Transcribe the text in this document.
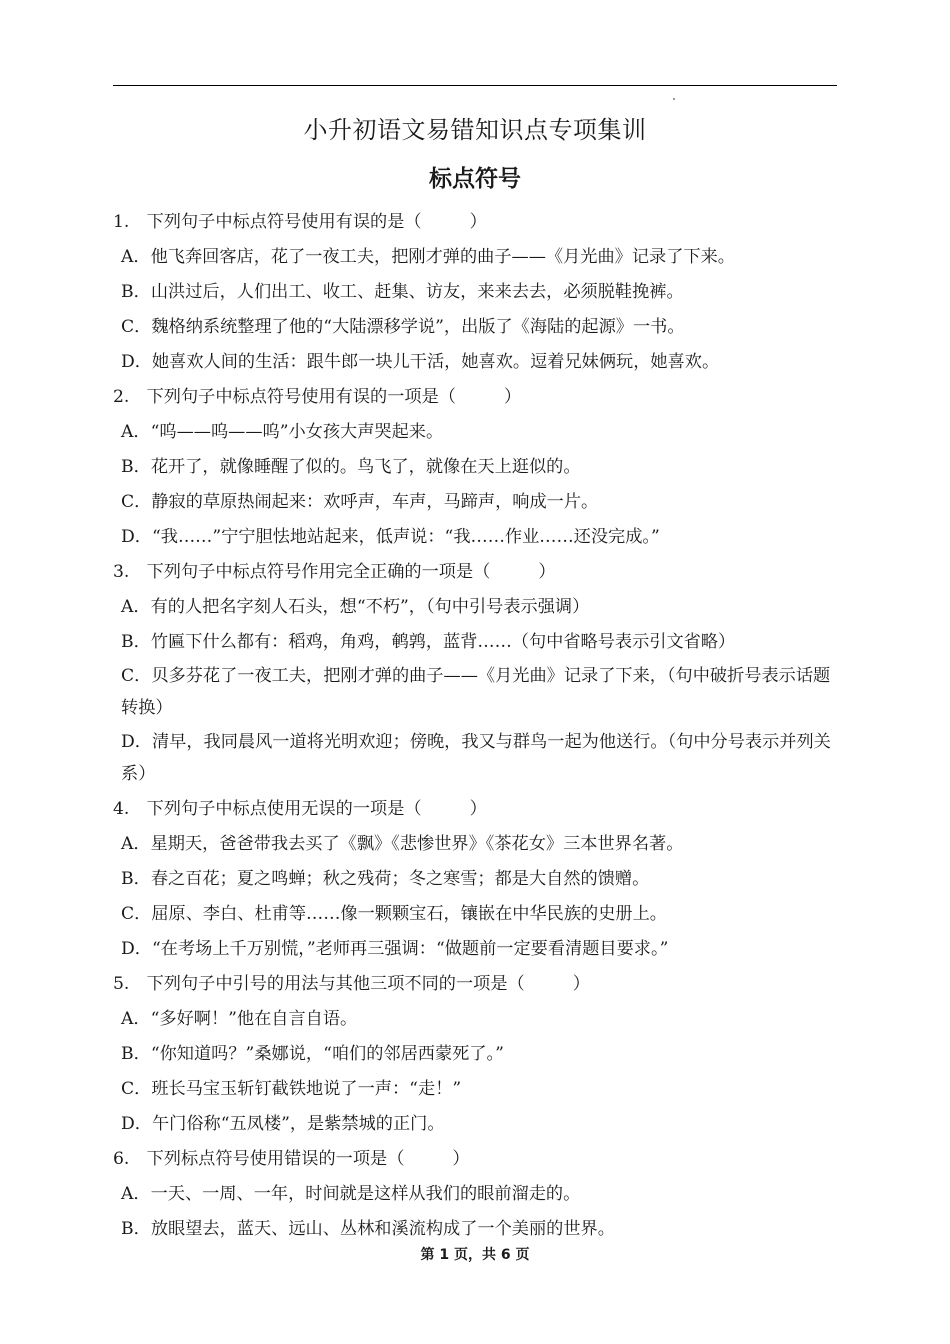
小升初语文易错知识点专项集训
标点符号
1.　下列句子中标点符号使用有误的是（	）
A．他飞奔回客店，花了一夜工夫，把刚才弹的曲子——《月光曲》记录了下来。
B．山洪过后，人们出工、收工、赶集、访友，来来去去，必须脱鞋挽裤。
C．魏格纳系统整理了他的“大陆漂移学说”，出版了《海陆的起源》一书。
D．她喜欢人间的生活：跟牛郎一块儿干活，她喜欢。逗着兄妹俩玩，她喜欢。
2.　下列句子中标点符号使用有误的一项是（	）
A．“呜——呜——呜”小女孩大声哭起来。
B．花开了，就像睡醒了似的。鸟飞了，就像在天上逛似的。
C．静寂的草原热闹起来：欢呼声，车声，马蹄声，响成一片。
D．“我……”宁宁胆怯地站起来，低声说：“我……作业……还没完成。”
3.　下列句子中标点符号作用完全正确的一项是（	）
A．有的人把名字刻人石头，想“不朽”，（句中引号表示强调）
B．竹匾下什么都有：稻鸡，角鸡，鹌鹑，蓝背……（句中省略号表示引文省略）
C．贝多芬花了一夜工夫，把刚才弹的曲子——《月光曲》记录了下来，（句中破折号表示话题转换）
D．清早，我同晨风一道将光明欢迎；傍晚，我又与群鸟一起为他送行。（句中分号表示并列关系）
4.　下列句子中标点使用无误的一项是（	）
A．星期天，爸爸带我去买了《飘》《悲惨世界》《茶花女》三本世界名著。
B．春之百花；夏之鸣蝉；秋之残荷；冬之寒雪；都是大自然的馈赠。
C．屈原、李白、杜甫等……像一颗颗宝石，镶嵌在中华民族的史册上。
D．“在考场上千万别慌，”老师再三强调：“做题前一定要看清题目要求。”
5.　下列句子中引号的用法与其他三项不同的一项是（	）
A．“多好啊！”他在自言自语。
B．“你知道吗？”桑娜说，“咱们的邻居西蒙死了。”
C．班长马宝玉斩钉截铁地说了一声：“走！”
D．午门俗称“五凤楼”，是紫禁城的正门。
6.　下列标点符号使用错误的一项是（	）
A．一天、一周、一年，时间就是这样从我们的眼前溜走的。
B．放眼望去，蓝天、远山、丛林和溪流构成了一个美丽的世界。
第 1 页，共 6 页
